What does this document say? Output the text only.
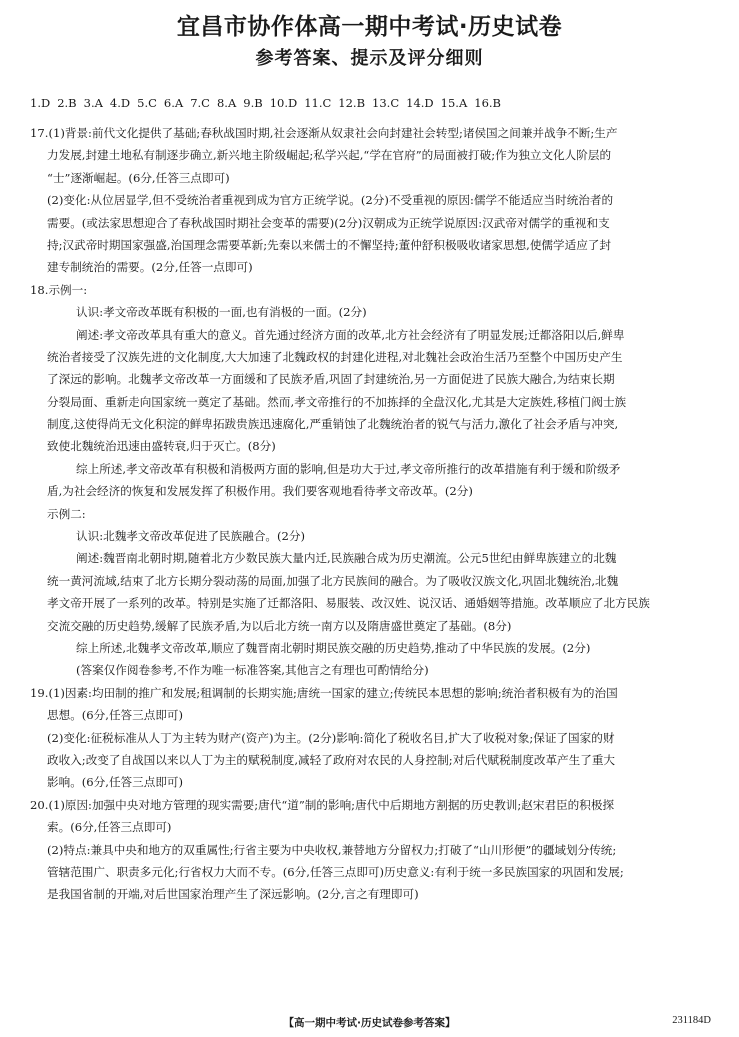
宜昌市协作体高一期中考试·历史试卷
参考答案、提示及评分细则
1.D 2.B 3.A 4.D 5.C 6.A 7.C 8.A 9.B 10.D 11.C 12.B 13.C 14.D 15.A 16.B
17.(1)背景:前代文化提供了基础;春秋战国时期,社会逐渐从奴隶社会向封建社会转型;诸侯国之间兼并战争不断;生产
力发展,封建土地私有制逐步确立,新兴地主阶级崛起;私学兴起,“学在官府”的局面被打破;作为独立文化人阶层的
“士”逐渐崛起。(6分,任答三点即可)
(2)变化:从位居显学,但不受统治者重视到成为官方正统学说。(2分)不受重视的原因:儒学不能适应当时统治者的
需要。(或法家思想迎合了春秋战国时期社会变革的需要)(2分)汉朝成为正统学说原因:汉武帝对儒学的重视和支
持;汉武帝时期国家强盛,治国理念需要革新;先秦以来儒士的不懈坚持;董仲舒积极吸收诸家思想,使儒学适应了封
建专制统治的需要。(2分,任答一点即可)
18.示例一:
认识:孝文帝改革既有积极的一面,也有消极的一面。(2分)
阐述:孝文帝改革具有重大的意义。首先通过经济方面的改革,北方社会经济有了明显发展;迁都洛阳以后,鲜卑
统治者接受了汉族先进的文化制度,大大加速了北魏政权的封建化进程,对北魏社会政治生活乃至整个中国历史产生
了深远的影响。北魏孝文帝改革一方面缓和了民族矛盾,巩固了封建统治,另一方面促进了民族大融合,为结束长期
分裂局面、重新走向国家统一奠定了基础。然而,孝文帝推行的不加拣择的全盘汉化,尤其是大定族姓,移植门阀士族
制度,这使得尚无文化积淀的鲜卑拓跋贵族迅速腐化,严重销蚀了北魏统治者的锐气与活力,激化了社会矛盾与冲突,
致使北魏统治迅速由盛转衰,归于灭亡。(8分)
综上所述,孝文帝改革有积极和消极两方面的影响,但是功大于过,孝文帝所推行的改革措施有利于缓和阶级矛
盾,为社会经济的恢复和发展发挥了积极作用。我们要客观地看待孝文帝改革。(2分)
示例二:
认识:北魏孝文帝改革促进了民族融合。(2分)
阐述:魏晋南北朝时期,随着北方少数民族大量内迁,民族融合成为历史潮流。公元5世纪由鲜卑族建立的北魏
统一黄河流域,结束了北方长期分裂动荡的局面,加强了北方民族间的融合。为了吸收汉族文化,巩固北魏统治,北魏
孝文帝开展了一系列的改革。特别是实施了迁都洛阳、易服装、改汉姓、说汉话、通婚姻等措施。改革顺应了北方民族
交流交融的历史趋势,缓解了民族矛盾,为以后北方统一南方以及隋唐盛世奠定了基础。(8分)
综上所述,北魏孝文帝改革,顺应了魏晋南北朝时期民族交融的历史趋势,推动了中华民族的发展。(2分)
(答案仅作阅卷参考,不作为唯一标准答案,其他言之有理也可酌情给分)
19.(1)因素:均田制的推广和发展;租调制的长期实施;唐统一国家的建立;传统民本思想的影响;统治者积极有为的治国
思想。(6分,任答三点即可)
(2)变化:征税标准从人丁为主转为财产(资产)为主。(2分)影响:简化了税收名目,扩大了收税对象;保证了国家的财
政收入;改变了自战国以来以人丁为主的赋税制度,减轻了政府对农民的人身控制;对后代赋税制度改革产生了重大
影响。(6分,任答三点即可)
20.(1)原因:加强中央对地方管理的现实需要;唐代“道”制的影响;唐代中后期地方割据的历史教训;赵宋君臣的积极探
索。(6分,任答三点即可)
(2)特点:兼具中央和地方的双重属性;行省主要为中央收权,兼替地方分留权力;打破了“山川形便”的疆域划分传统;
管辖范围广、职责多元化;行省权力大而不专。(6分,任答三点即可)历史意义:有利于统一多民族国家的巩固和发展;
是我国省制的开端,对后世国家治理产生了深远影响。(2分,言之有理即可)
【高一期中考试·历史试卷参考答案】	231184D
